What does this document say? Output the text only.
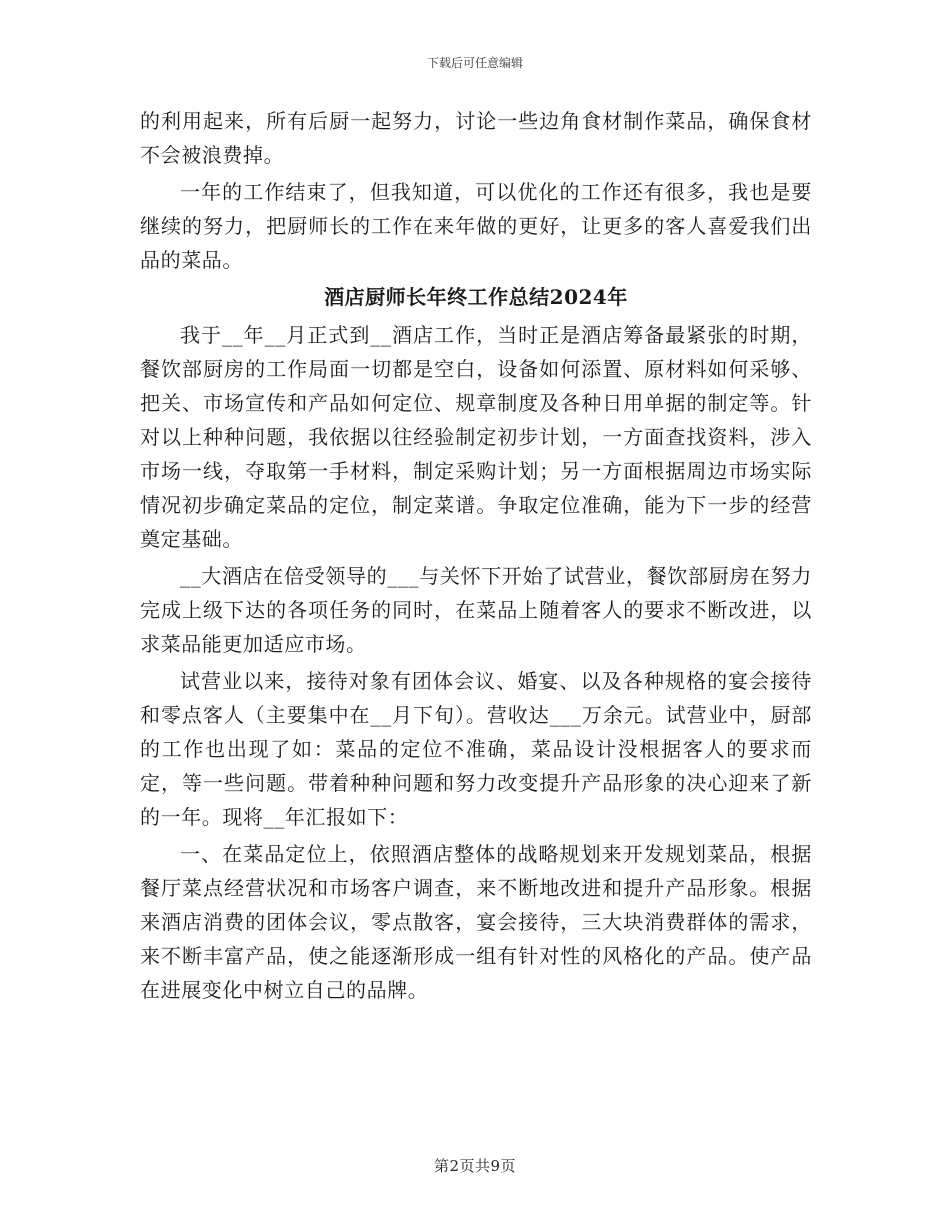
下载后可任意编辑

的利用起来，所有后厨一起努力，讨论一些边角食材制作菜品，确保食材不会被浪费掉。

一年的工作结束了，但我知道，可以优化的工作还有很多，我也是要继续的努力，把厨师长的工作在来年做的更好，让更多的客人喜爱我们出品的菜品。

酒店厨师长年终工作总结2024年

我于__年__月正式到__酒店工作，当时正是酒店筹备最紧张的时期，餐饮部厨房的工作局面一切都是空白，设备如何添置、原材料如何采够、把关、市场宣传和产品如何定位、规章制度及各种日用单据的制定等。针对以上种种问题，我依据以往经验制定初步计划，一方面查找资料，涉入市场一线，夺取第一手材料，制定采购计划；另一方面根据周边市场实际情况初步确定菜品的定位，制定菜谱。争取定位准确，能为下一步的经营奠定基础。

__大酒店在倍受领导的___与关怀下开始了试营业，餐饮部厨房在努力完成上级下达的各项任务的同时，在菜品上随着客人的要求不断改进，以求菜品能更加适应市场。

试营业以来，接待对象有团体会议、婚宴、以及各种规格的宴会接待和零点客人（主要集中在__月下旬）。营收达___万余元。试营业中，厨部的工作也出现了如：菜品的定位不准确，菜品设计没根据客人的要求而定，等一些问题。带着种种问题和努力改变提升产品形象的决心迎来了新的一年。现将__年汇报如下：

一、在菜品定位上，依照酒店整体的战略规划来开发规划菜品，根据餐厅菜点经营状况和市场客户调查，来不断地改进和提升产品形象。根据来酒店消费的团体会议，零点散客，宴会接待，三大块消费群体的需求，来不断丰富产品，使之能逐渐形成一组有针对性的风格化的产品。使产品在进展变化中树立自己的品牌。

第2页共9页
